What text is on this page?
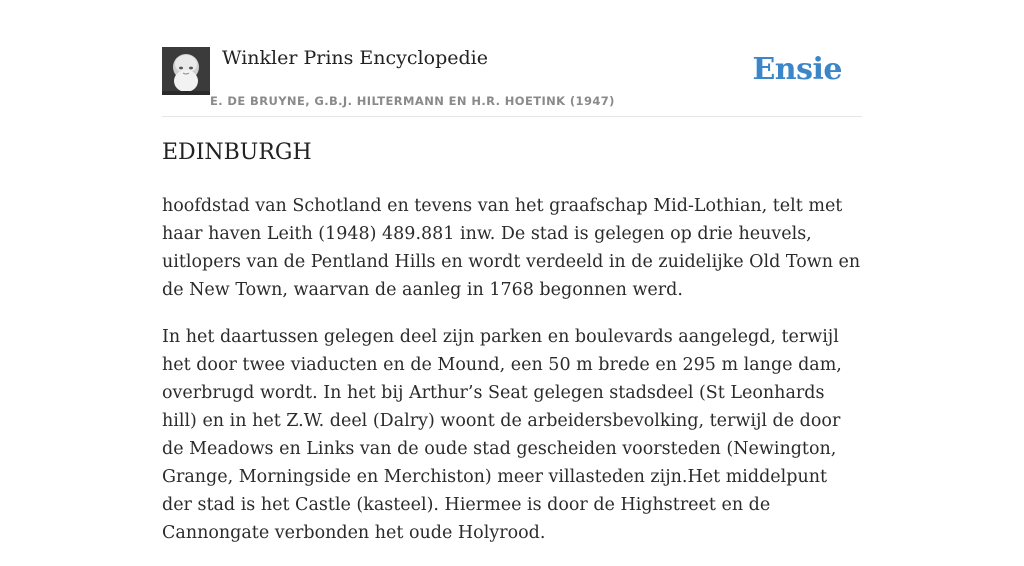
Winkler Prins Encyclopedie
E. DE BRUYNE, G.B.J. HILTERMANN EN H.R. HOETINK (1947)
Ensie
EDINBURGH

hoofdstad van Schotland en tevens van het graafschap Mid-Lothian, telt met haar haven Leith (1948) 489.881 inw. De stad is gelegen op drie heuvels, uitlopers van de Pentland Hills en wordt verdeeld in de zuidelijke Old Town en de New Town, waarvan de aanleg in 1768 begonnen werd.

In het daartussen gelegen deel zijn parken en boulevards aangelegd, terwijl het door twee viaducten en de Mound, een 50 m brede en 295 m lange dam, overbrugd wordt. In het bij Arthur’s Seat gelegen stadsdeel (St Leonhards hill) en in het Z.W. deel (Dalry) woont de arbeidersbevolking, terwijl de door de Meadows en Links van de oude stad gescheiden voorsteden (Newington, Grange, Morningside en Merchiston) meer villasteden zijn.Het middelpunt der stad is het Castle (kasteel). Hiermee is door de Highstreet en de Cannongate verbonden het oude Holyrood.
